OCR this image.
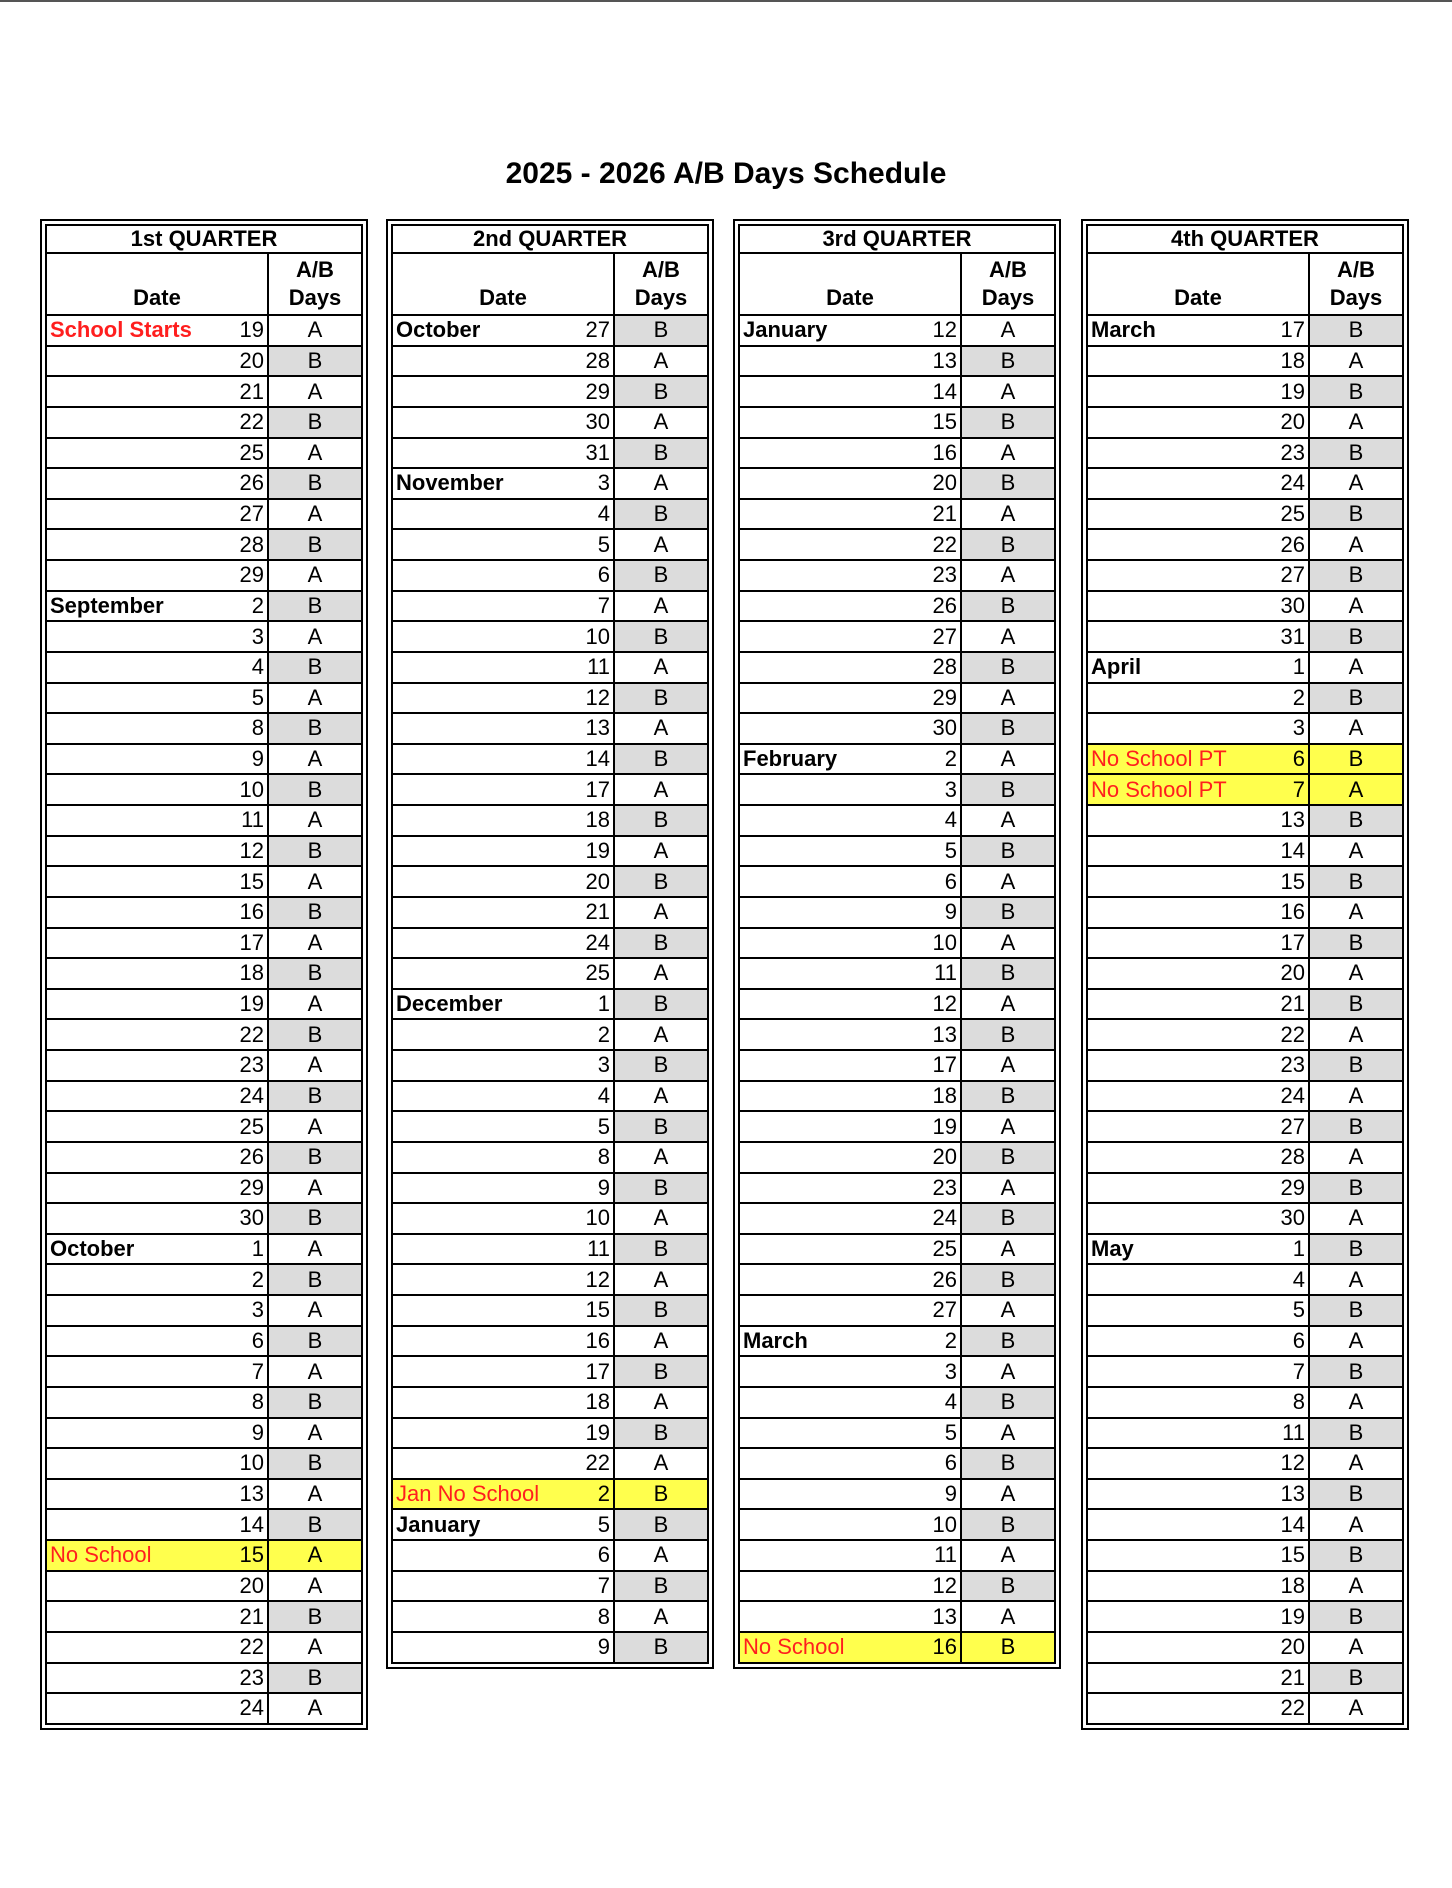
2025 - 2026 A/B Days Schedule
1st QUARTER		
Date		A/B
Days

School Starts	19	A
	20	B
	21	A
	22	B
	25	A
	26	B
	27	A
	28	B
	29	A

September	2	B
	3	A
	4	B
	5	A
	8	B
	9	A
	10	B
	11	A
	12	B
	15	A
	16	B
	17	A
	18	B
	19	A
	22	B
	23	A
	24	B
	25	A
	26	B
	29	A
	30	B

October	1	A
	2	B
	3	A
	6	B
	7	A
	8	B
	9	A
	10	B
	13	A
	14	B

No School	15	A
	20	A
	21	B
	22	A
	23	B
	24	A
2nd QUARTER		
Date		A/B
Days

October	27	B
	28	A
	29	B
	30	A
	31	B

November	3	A
	4	B
	5	A
	6	B
	7	A
	10	B
	11	A
	12	B
	13	A
	14	B
	17	A
	18	B
	19	A
	20	B
	21	A
	24	B
	25	A

December	1	B
	2	A
	3	B
	4	A
	5	B
	8	A
	9	B
	10	A
	11	B
	12	A
	15	B
	16	A
	17	B
	18	A
	19	B
	22	A

Jan No School	2	B

January	5	B
	6	A
	7	B
	8	A
	9	B
3rd QUARTER		
Date		A/B
Days

January	12	A
	13	B
	14	A
	15	B
	16	A
	20	B
	21	A
	22	B
	23	A
	26	B
	27	A
	28	B
	29	A
	30	B

February	2	A
	3	B
	4	A
	5	B
	6	A
	9	B
	10	A
	11	B
	12	A
	13	B
	17	A
	18	B
	19	A
	20	B
	23	A
	24	B
	25	A
	26	B
	27	A

March	2	B
	3	A
	4	B
	5	A
	6	B
	9	A
	10	B
	11	A
	12	B
	13	A

No School	16	B
4th QUARTER		
Date		A/B
Days

March	17	B
	18	A
	19	B
	20	A
	23	B
	24	A
	25	B
	26	A
	27	B
	30	A
	31	B

April	1	A
	2	B
	3	A

No School PT	6	B

No School PT	7	A
	13	B
	14	A
	15	B
	16	A
	17	B
	20	A
	21	B
	22	A
	23	B
	24	A
	27	B
	28	A
	29	B
	30	A

May	1	B
	4	A
	5	B
	6	A
	7	B
	8	A
	11	B
	12	A
	13	B
	14	A
	15	B
	18	A
	19	B
	20	A
	21	B
	22	A
